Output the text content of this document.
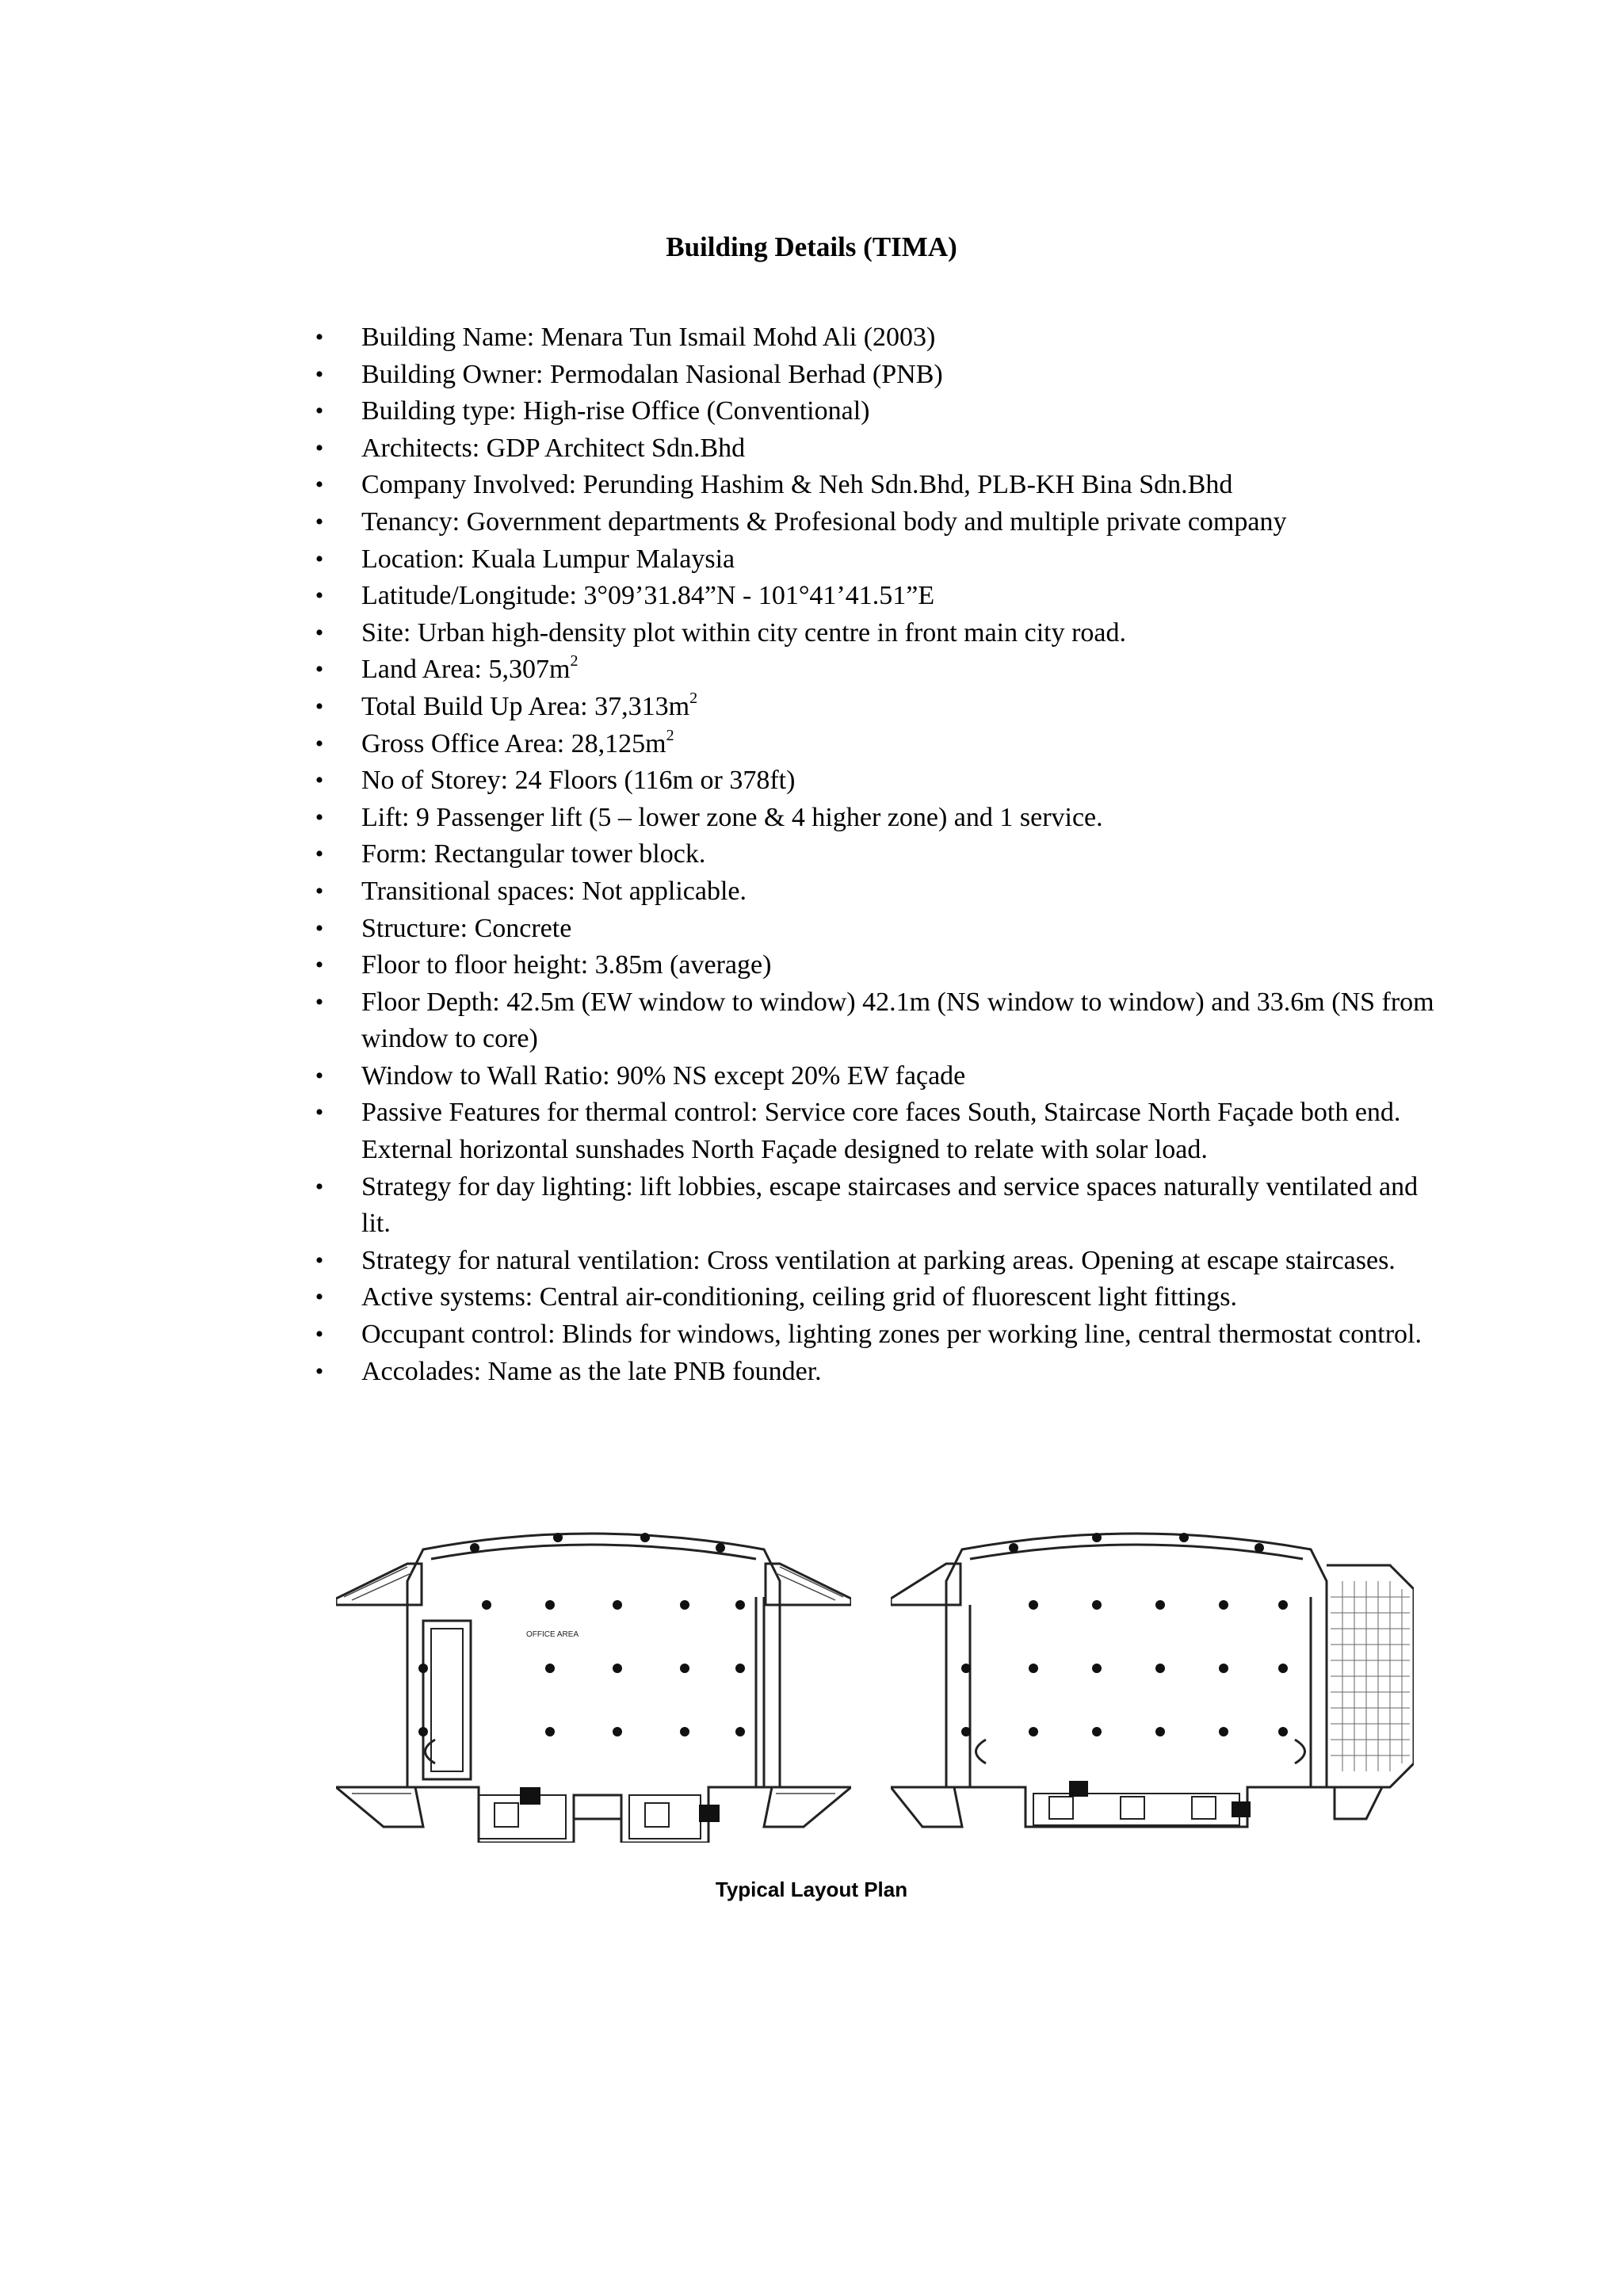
Building Details (TIMA)
• Building Name: Menara Tun Ismail Mohd Ali (2003)
• Building Owner: Permodalan Nasional Berhad (PNB)
• Building type: High-rise Office (Conventional)
• Architects: GDP Architect Sdn.Bhd
• Company Involved: Perunding Hashim & Neh Sdn.Bhd, PLB-KH Bina Sdn.Bhd
• Tenancy: Government departments & Profesional body and multiple private company
• Location: Kuala Lumpur Malaysia
• Latitude/Longitude: 3°09’31.84”N - 101°41’41.51”E
• Site: Urban high-density plot within city centre in front main city road.
• Land Area: $5,307m^2$
• Total Build Up Area: $37,313m^2$
• Gross Office Area: $28,125m^2$
• No of Storey: 24 Floors (116m or 378ft)
• Lift: 9 Passenger lift (5 – lower zone & 4 higher zone) and 1 service.
• Form: Rectangular tower block.
• Transitional spaces: Not applicable.
• Structure: Concrete
• Floor to floor height: 3.85m (average)
• Floor Depth: 42.5m (EW window to window) 42.1m (NS window to window) and 33.6m (NS from window to core)
• Window to Wall Ratio: 90% NS except 20% EW façade
• Passive Features for thermal control: Service core faces South, Staircase North Façade both end. External horizontal sunshades North Façade designed to relate with solar load.
• Strategy for day lighting: lift lobbies, escape staircases and service spaces naturally ventilated and lit.
• Strategy for natural ventilation: Cross ventilation at parking areas. Opening at escape staircases.
• Active systems: Central air-conditioning, ceiling grid of fluorescent light fittings.
• Occupant control: Blinds for windows, lighting zones per working line, central thermostat control.
• Accolades: Name as the late PNB founder.
OFFICE AREA
Typical Layout Plan
